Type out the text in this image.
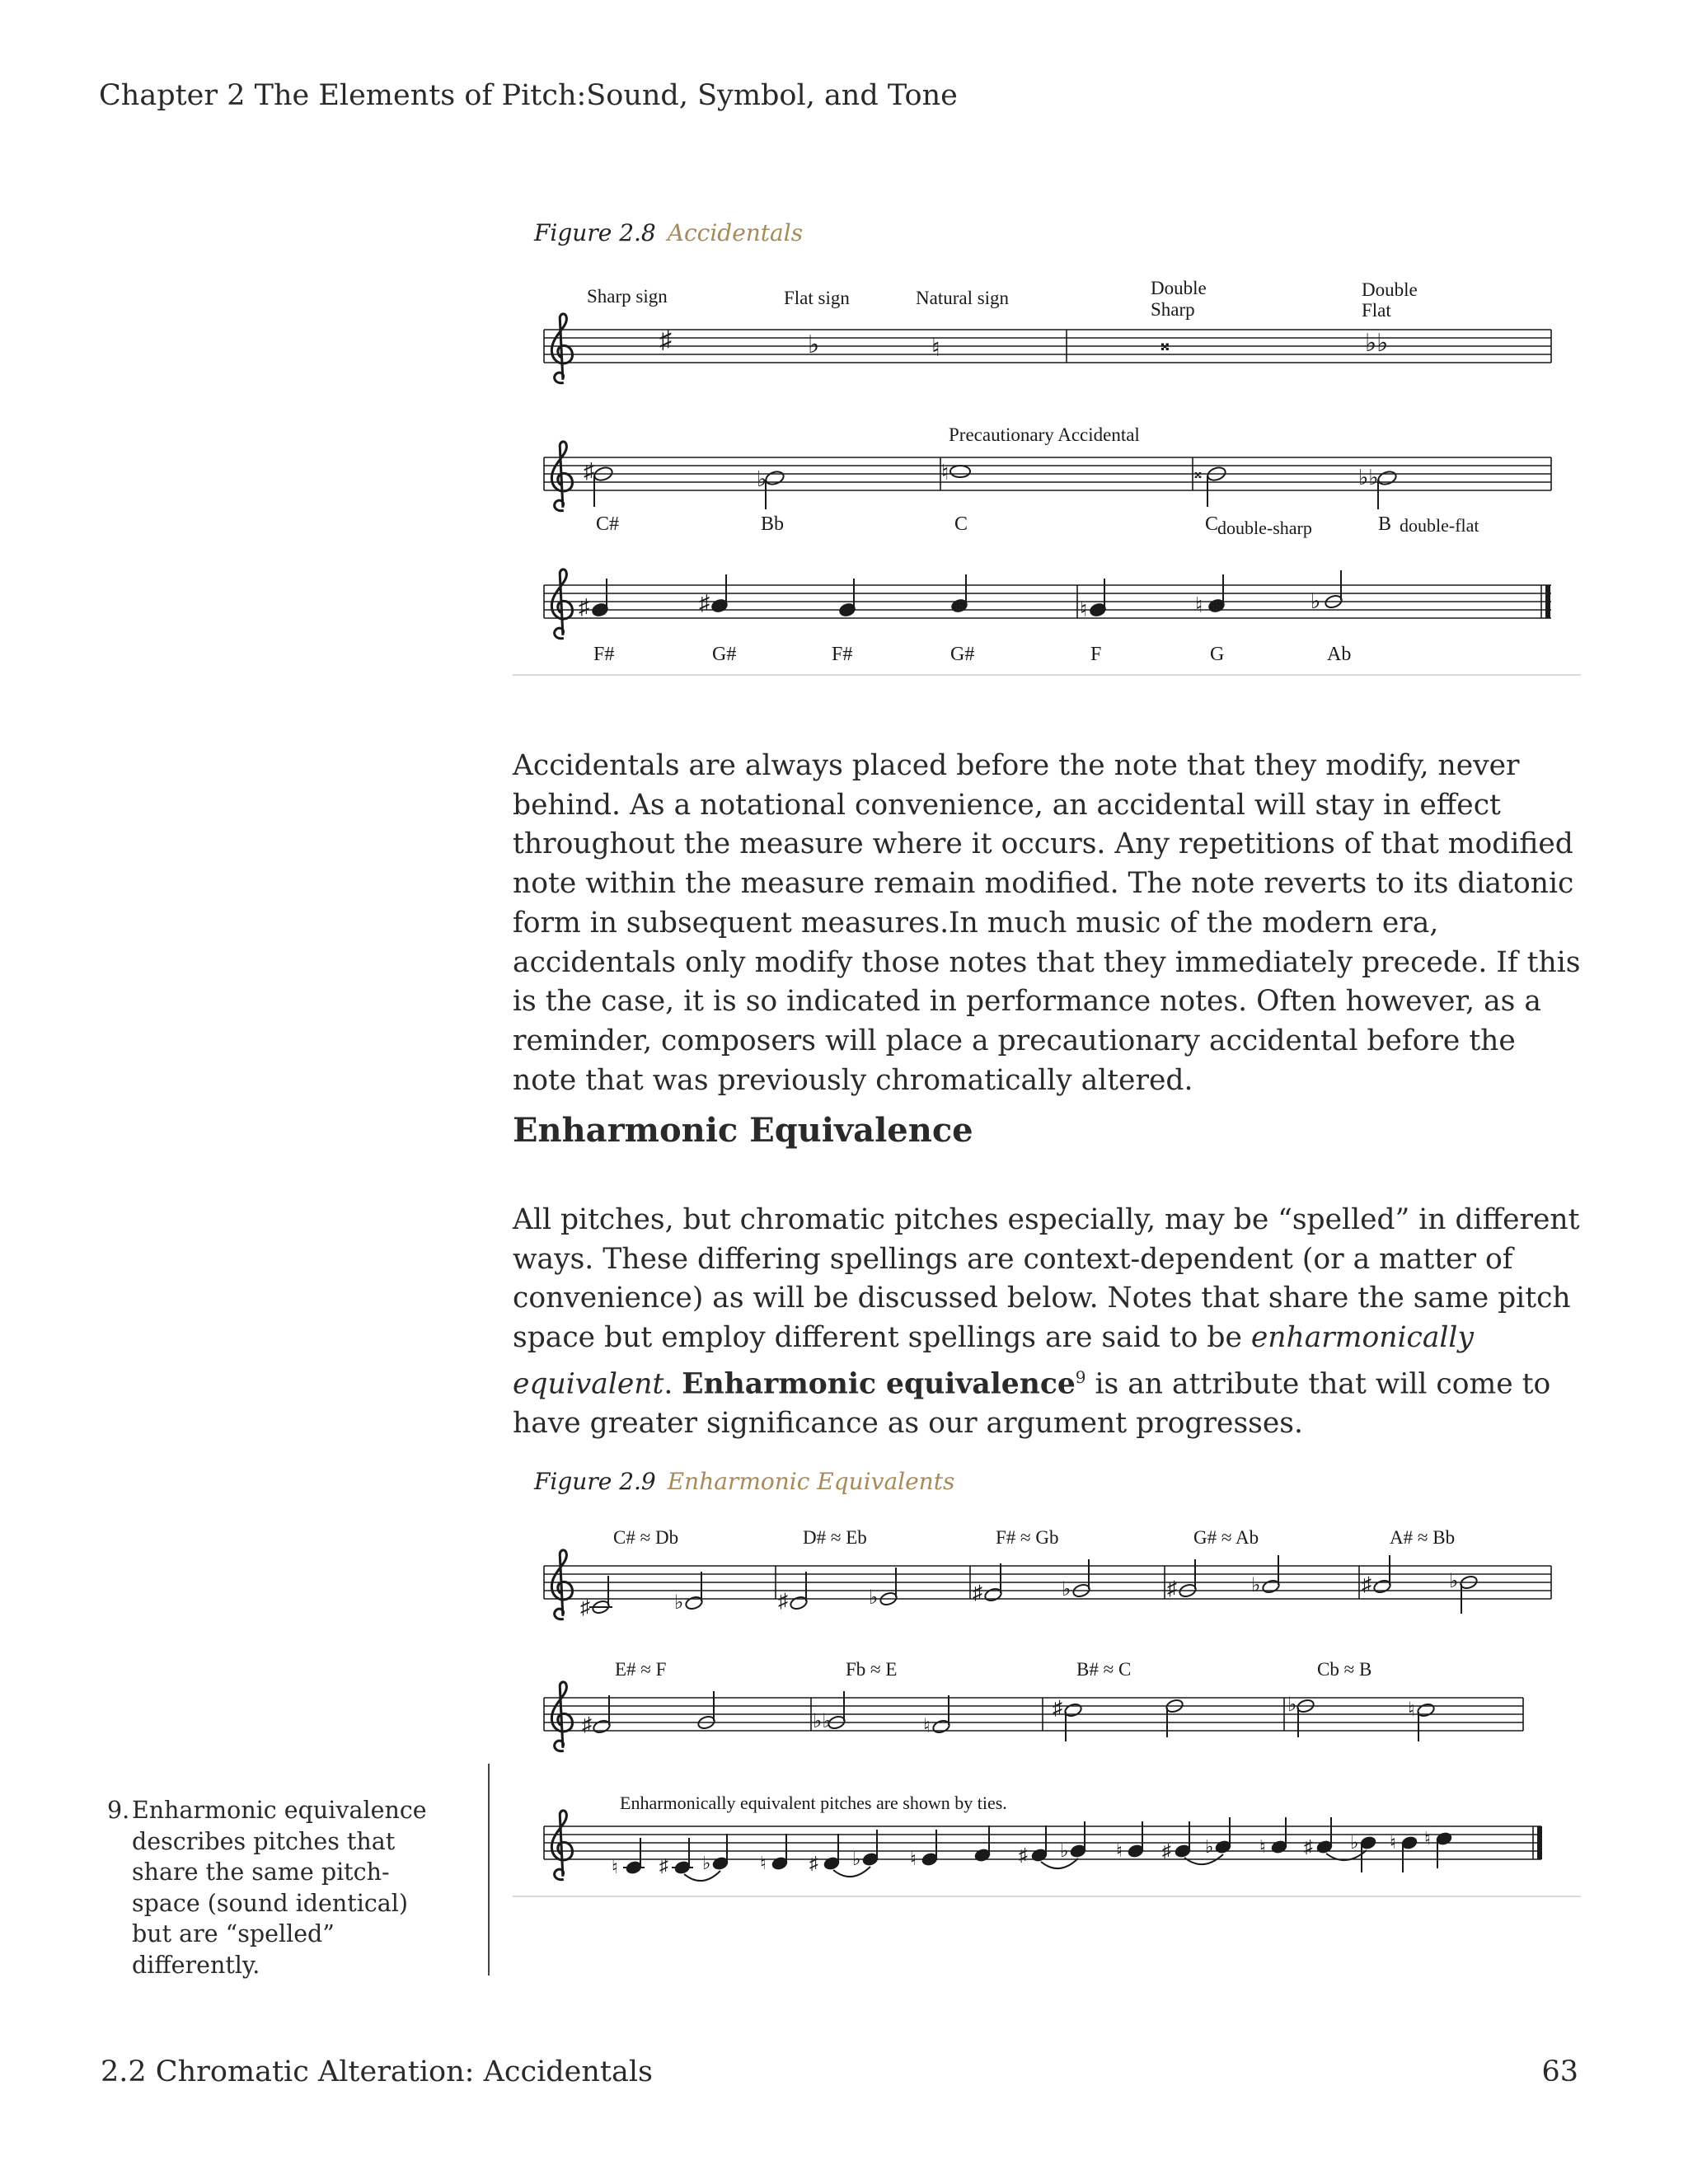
Chapter 2 The Elements of Pitch:Sound, Symbol, and Tone
Figure 2.8 Accidentals
Sharp sign	Flat sign	Natural sign	Double
Sharp
Double
Flat
♯	♭	♮	𝄪	♭♭
Precautionary Accidental
♯	♭	♮	𝄪	♭♭
C#	Bb	C	C
double-sharp	B double-flat
♯	♯	♮	♮	♭
F#	G#	F#	G#	F	G	Ab

Accidentals are always placed before the note that they modify, never behind. As a notational convenience, an accidental will stay in effect throughout the measure where it occurs. Any repetitions of that modified note within the measure remain modified. The note reverts to its diatonic form in subsequent measures.In much music of the modern era, accidentals only modify those notes that they immediately precede. If this is the case, it is so indicated in performance notes. Often however, as a reminder, composers will place a precautionary accidental before the note that was previously chromatically altered.

Enharmonic Equivalence

All pitches, but chromatic pitches especially, may be “spelled” in different ways. These differing spellings are context-dependent (or a matter of convenience) as will be discussed below. Notes that share the same pitch space but employ different spellings are said to be enharmonically equivalent. Enharmonic equivalence$^9$ is an attribute that will come to have greater significance as our argument progresses.

Figure 2.9 Enharmonic Equivalents
C# ≈ Db	D# ≈ Eb	F# ≈ Gb	G# ≈ Ab	A# ≈ Bb
♯	♭	♯	♭	♯	♭	♯	♭	♯	♭
E# ≈ F	Fb ≈ E	B# ≈ C	Cb ≈ B
♯	♭♭	♮
♯	♭	♮
Enharmonically equivalent pitches are shown by ties.
♮ ♯ ♭	♮ ♯ ♭	♮	♯ ♭	♮ ♯ ♭	♮ ♯ ♭ ♮ ♮
9. Enharmonic equivalence describes pitches that share the same pitch-space (sound identical) but are “spelled” differently.
2.2 Chromatic Alteration: Accidentals	63
